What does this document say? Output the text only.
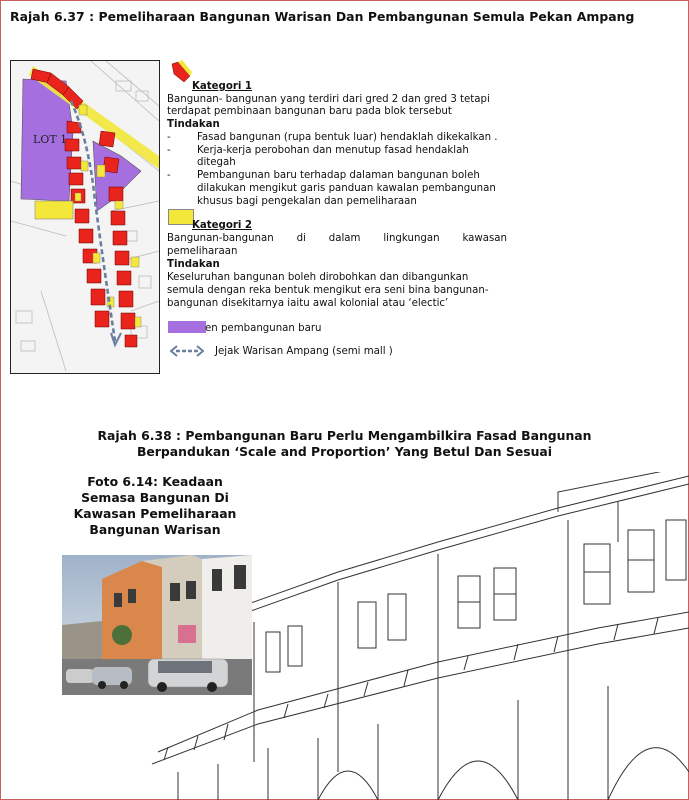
Rajah 6.37 : Pemeliharaan Bangunan Warisan Dan Pembangunan Semula Pekan Ampang
LOT 1
Kategori 1
Bangunan- bangunan yang terdiri dari gred 2 dan gred 3 tetapi
terdapat pembinaan bangunan baru pada blok tersebut
Tindakan
-	Fasad bangunan (rupa bentuk luar) hendaklah dikekalkan .
-	Kerja-kerja perobohan dan menutup fasad hendaklah
ditegah
-	Pembangunan baru terhadap dalaman bangunan boleh
dilakukan mengikut garis panduan kawalan pembangunan
khusus bagi pengekalan dan pemeliharaan
Kategori 2
Bangunan-bangunan di dalam lingkungan kawasan
pemeliharaan
Tindakan
Keseluruhan bangunan boleh dirobohkan dan dibangunkan
semula dengan reka bentuk mengikut era seni bina bangunan-
bangunan disekitarnya iaitu awal kolonial atau ‘electic’
en pembangunan baru
Jejak Warisan Ampang (semi mall )
Rajah 6.38 : Pembangunan Baru Perlu Mengambilkira Fasad Bangunan
Berpandukan ‘Scale and Proportion’ Yang Betul Dan Sesuai
Foto 6.14: Keadaan
Semasa Bangunan Di
Kawasan Pemeliharaan
Bangunan Warisan
